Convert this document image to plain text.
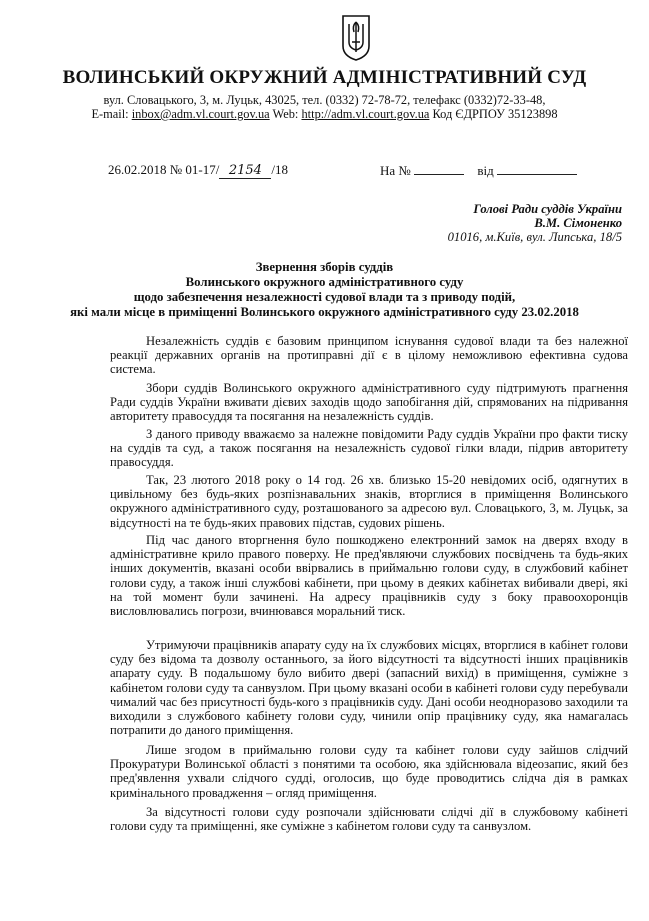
ВОЛИНСЬКИЙ ОКРУЖНИЙ АДМІНІСТРАТИВНИЙ СУД
вул. Словацького, 3, м. Луцьк, 43025, тел. (0332) 72-78-72, телефакс (0332)72-33-48,
E-mail: inbox@adm.vl.court.gov.ua Web: http://adm.vl.court.gov.ua Код ЄДРПОУ 35123898
26.02.2018 № 01-17/ 2154 /18	На №	від
Голові Ради суддів України
В.М. Сімоненко
01016, м.Київ, вул. Липська, 18/5
Звернення зборів суддів
Волинського окружного адміністративного суду
щодо забезпечення незалежності судової влади та з приводу подій,
які мали місце в приміщенні Волинського окружного адміністративного суду 23.02.2018

Незалежність суддів є базовим принципом існування судової влади та без належної реакції державних органів на протиправні дії є в цілому неможливою ефективна судова система.

Збори суддів Волинського окружного адміністративного суду підтримують прагнення Ради суддів України вживати дієвих заходів щодо запобігання дій, спрямованих на підривання авторитету правосуддя та посягання на незалежність суддів.

З даного приводу вважаємо за належне повідомити Раду суддів України про факти тиску на суддів та суд, а також посягання на незалежність судової гілки влади, підрив авторитету правосуддя.

Так, 23 лютого 2018 року о 14 год. 26 хв. близько 15-20 невідомих осіб, одягнутих в цивільному без будь-яких розпізнавальних знаків, вторглися в приміщення Волинського окружного адміністративного суду, розташованого за адресою вул. Словацького, 3, м. Луцьк, за відсутності на те будь-яких правових підстав, судових рішень.

Під час даного вторгнення було пошкоджено електронний замок на дверях входу в адміністративне крило правого поверху. Не пред'являючи службових посвідчень та будь-яких інших документів, вказані особи ввірвались в приймальню голови суду, в службовий кабінет голови суду, а також інші службові кабінети, при цьому в деяких кабінетах вибивали двері, які на той момент були зачинені. На адресу працівників суду з боку правоохоронців висловлювались погрози, вчинювався моральний тиск.

Утримуючи працівників апарату суду на їх службових місцях, вторглися в кабінет голови суду без відома та дозволу останнього, за його відсутності та відсутності інших працівників апарату суду. В подальшому було вибито двері (запасний вихід) в приміщення, суміжне з кабінетом голови суду та санвузлом. При цьому вказані особи в кабінеті голови суду перебували чималий час без присутності будь-кого з працівників суду. Дані особи неодноразово заходили та виходили з службового кабінету голови суду, чинили опір працівнику суду, яка намагалась потрапити до даного приміщення.

Лише згодом в приймальню голови суду та кабінет голови суду зайшов слідчий Прокуратури Волинської області з понятими та особою, яка здійснювала відеозапис, який без пред'явлення ухвали слідчого судді, оголосив, що буде проводитись слідча дія в рамках кримінального провадження – огляд приміщення.

За відсутності голови суду розпочали здійснювати слідчі дії в службовому кабінеті голови суду та приміщенні, яке суміжне з кабінетом голови суду та санвузлом.
